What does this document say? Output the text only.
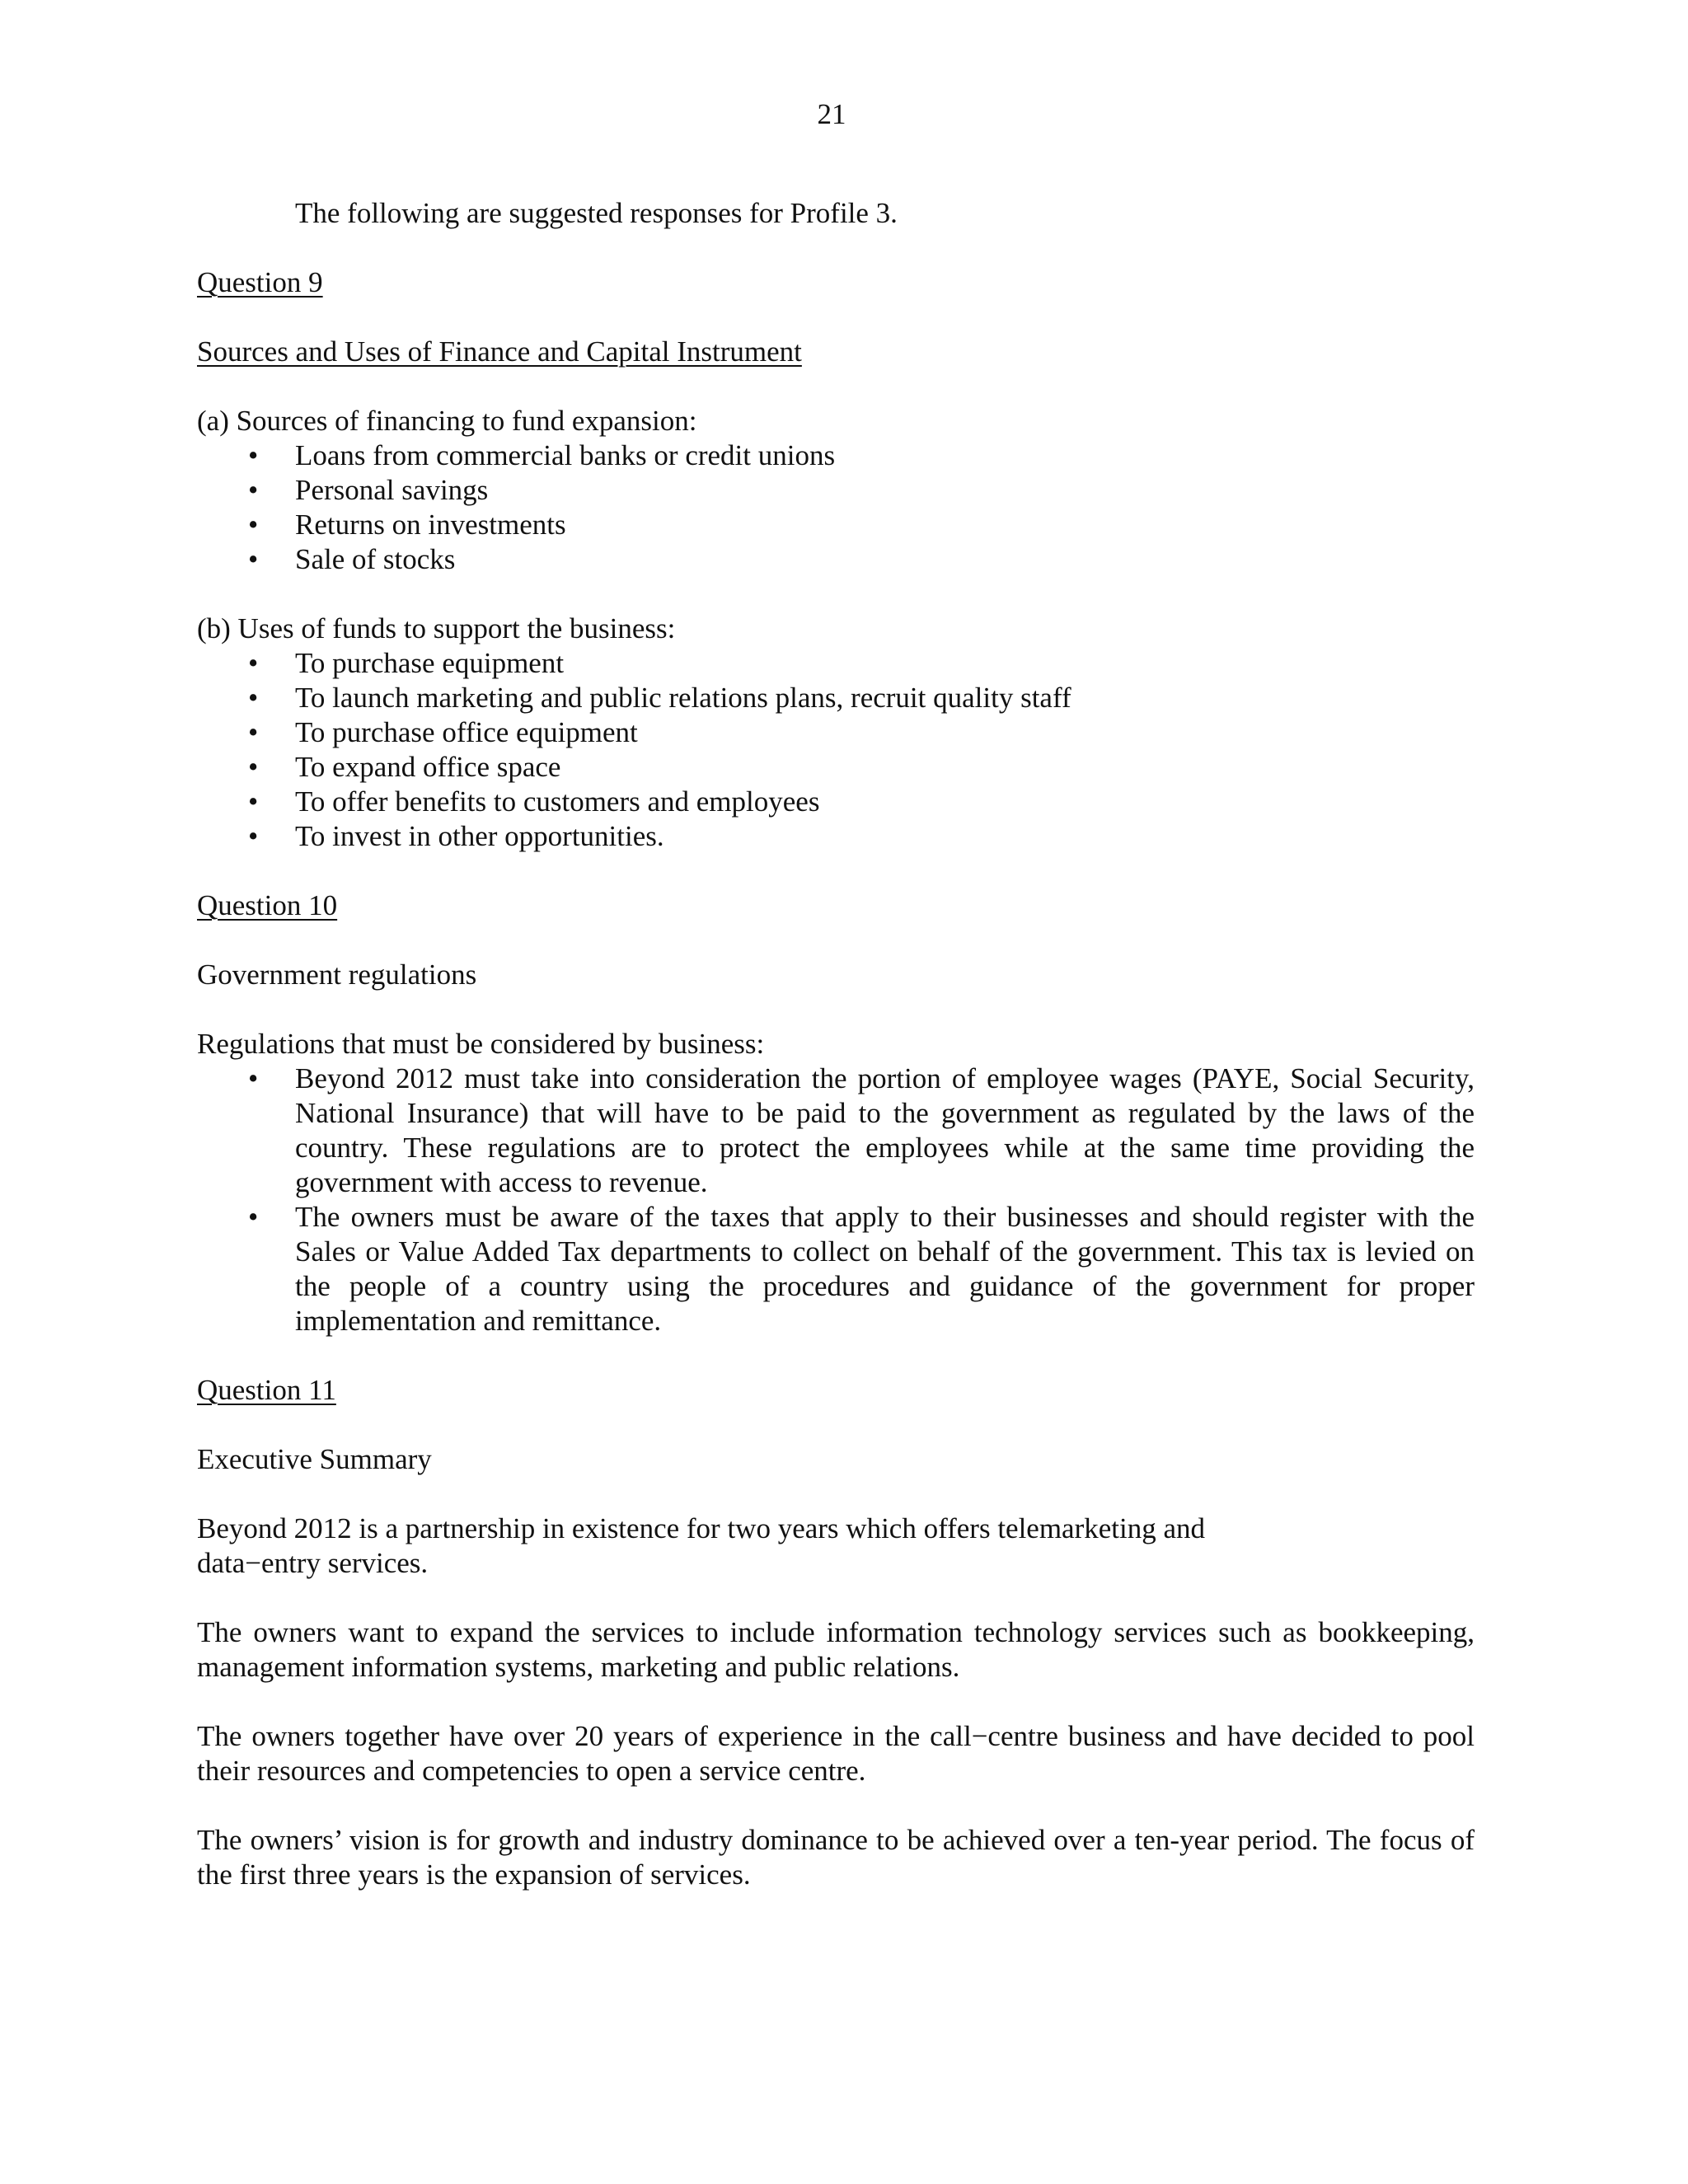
21

The following are suggested responses for Profile 3.

Question 9

Sources and Uses of Finance and Capital Instrument

(a) Sources of financing to fund expansion:

• Loans from commercial banks or credit unions
• Personal savings
• Returns on investments
• Sale of stocks

(b) Uses of funds to support the business:

• To purchase equipment
• To launch marketing and public relations plans, recruit quality staff
• To purchase office equipment
• To expand office space
• To offer benefits to customers and employees
• To invest in other opportunities.

Question 10

Government regulations

Regulations that must be considered by business:

• Beyond 2012 must take into consideration the portion of employee wages (PAYE, Social Security, National Insurance) that will have to be paid to the government as regulated by the laws of the country. These regulations are to protect the employees while at the same time providing the government with access to revenue.
• The owners must be aware of the taxes that apply to their businesses and should register with the Sales or Value Added Tax departments to collect on behalf of the government. This tax is levied on the people of a country using the procedures and guidance of the government for proper implementation and remittance.

Question 11

Executive Summary

Beyond 2012 is a partnership in existence for two years which offers telemarketing and

data−entry services.

The owners want to expand the services to include information technology services such as bookkeeping, management information systems, marketing and public relations.

The owners together have over 20 years of experience in the call−centre business and have decided to pool their resources and competencies to open a service centre.

The owners’ vision is for growth and industry dominance to be achieved over a ten-year period. The focus of the first three years is the expansion of services.
